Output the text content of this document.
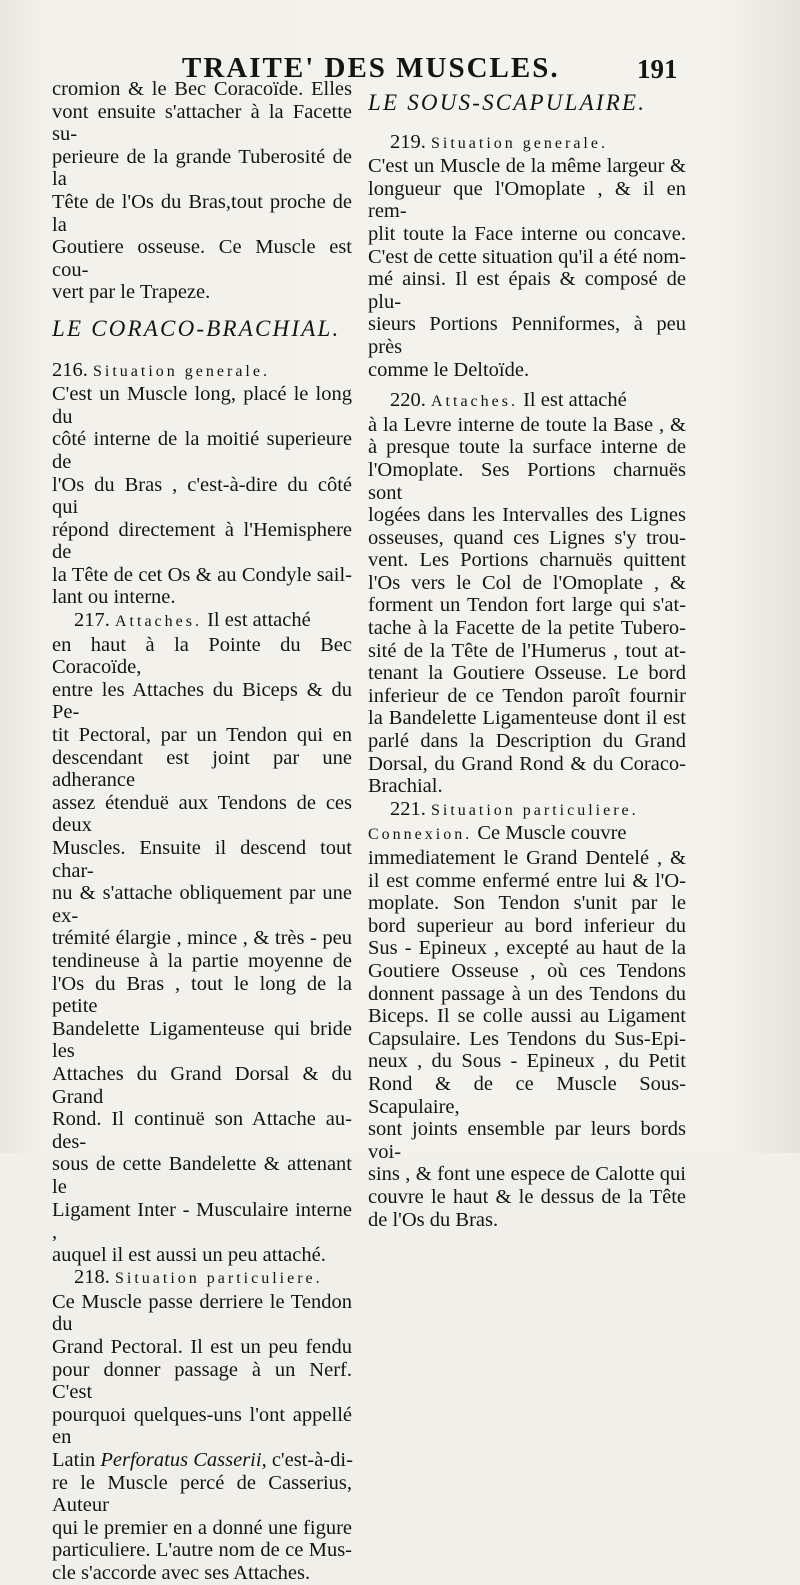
TRAITE' DES MUSCLES.	191
cromion & le Bec Coracoïde. Elles
vont ensuite s'attacher à la Facette su-
perieure de la grande Tuberosité de la
Tête de l'Os du Bras,tout proche de la
Goutiere osseuse. Ce Muscle est cou-
vert par le Trapeze.
LE CORACO-BRACHIAL.
216. Situation generale.
C'est un Muscle long, placé le long du
côté interne de la moitié superieure de
l'Os du Bras , c'est-à-dire du côté qui
répond directement à l'Hemisphere de
la Tête de cet Os & au Condyle sail-
lant ou interne.
217. Attaches. Il est attaché
en haut à la Pointe du Bec Coracoïde,
entre les Attaches du Biceps & du Pe-
tit Pectoral, par un Tendon qui en
descendant est joint par une adherance
assez étenduë aux Tendons de ces deux
Muscles. Ensuite il descend tout char-
nu & s'attache obliquement par une ex-
trémité élargie , mince , & très - peu
tendineuse à la partie moyenne de
l'Os du Bras , tout le long de la petite
Bandelette Ligamenteuse qui bride les
Attaches du Grand Dorsal & du Grand
Rond. Il continuë son Attache au-des-
sous de cette Bandelette & attenant le
Ligament Inter - Musculaire interne ,
auquel il est aussi un peu attaché.
218. Situation particuliere.
Ce Muscle passe derriere le Tendon du
Grand Pectoral. Il est un peu fendu
pour donner passage à un Nerf. C'est
pourquoi quelques-uns l'ont appellé en
Latin Perforatus Casserii, c'est-à-di-
re le Muscle percé de Casserius, Auteur
qui le premier en a donné une figure
particuliere. L'autre nom de ce Mus-
cle s'accorde avec ses Attaches.
LE SOUS-SCAPULAIRE.
219. Situation generale.
C'est un Muscle de la même largeur &
longueur que l'Omoplate , & il en rem-
plit toute la Face interne ou concave.
C'est de cette situation qu'il a été nom-
mé ainsi. Il est épais & composé de plu-
sieurs Portions Penniformes, à peu près
comme le Deltoïde.
220. Attaches. Il est attaché
à la Levre interne de toute la Base , &
à presque toute la surface interne de
l'Omoplate. Ses Portions charnuës sont
logées dans les Intervalles des Lignes
osseuses, quand ces Lignes s'y trou-
vent. Les Portions charnuës quittent
l'Os vers le Col de l'Omoplate , &
forment un Tendon fort large qui s'at-
tache à la Facette de la petite Tubero-
sité de la Tête de l'Humerus , tout at-
tenant la Goutiere Osseuse. Le bord
inferieur de ce Tendon paroît fournir
la Bandelette Ligamenteuse dont il est
parlé dans la Description du Grand
Dorsal, du Grand Rond & du Coraco-
Brachial.
221. Situation particuliere.
Connexion. Ce Muscle couvre
immediatement le Grand Dentelé , &
il est comme enfermé entre lui & l'O-
moplate. Son Tendon s'unit par le
bord superieur au bord inferieur du
Sus - Epineux , excepté au haut de la
Goutiere Osseuse , où ces Tendons
donnent passage à un des Tendons du
Biceps. Il se colle aussi au Ligament
Capsulaire. Les Tendons du Sus-Epi-
neux , du Sous - Epineux , du Petit
Rond & de ce Muscle Sous-Scapulaire,
sont joints ensemble par leurs bords voi-
sins , & font une espece de Calotte qui
couvre le haut & le dessus de la Tête
de l'Os du Bras.
